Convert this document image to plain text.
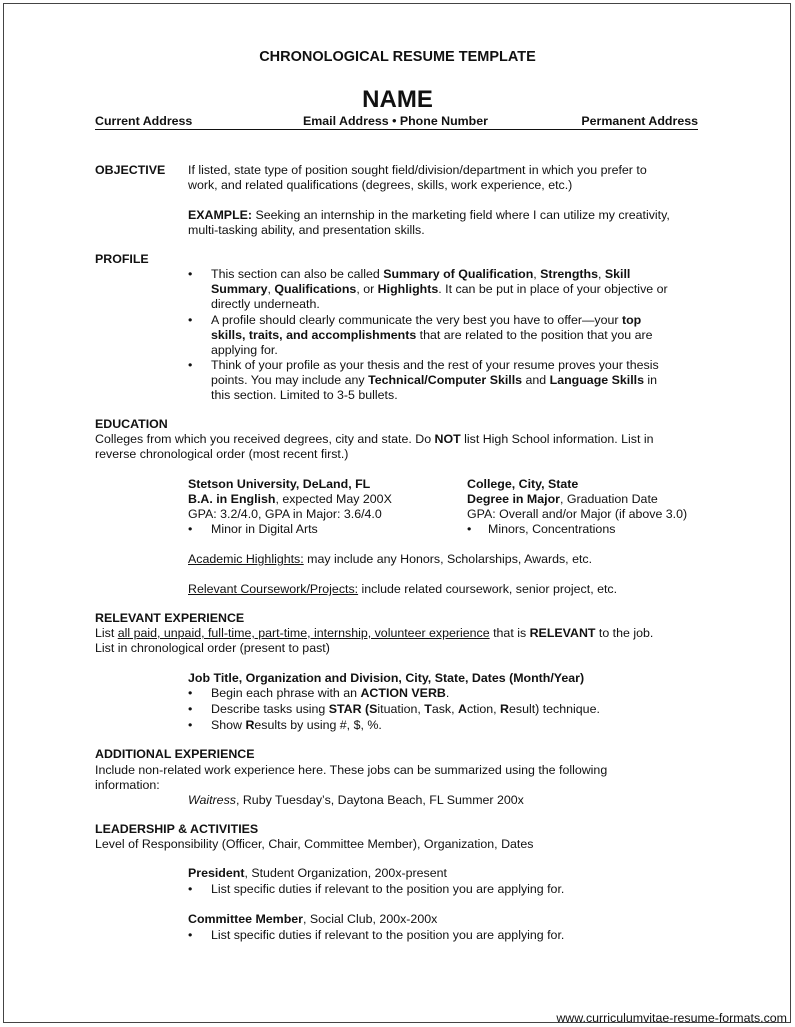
CHRONOLOGICAL RESUME TEMPLATE
NAME
Current Address	Email Address • Phone Number	Permanent Address
OBJECTIVE If listed, state type of position sought field/division/department in which you prefer to
work, and related qualifications (degrees, skills, work experience, etc.)
EXAMPLE: Seeking an internship in the marketing field where I can utilize my creativity,
multi-tasking ability, and presentation skills.
PROFILE
• This section can also be called Summary of Qualification, Strengths, Skill
Summary, Qualifications, or Highlights. It can be put in place of your objective or
directly underneath.
• A profile should clearly communicate the very best you have to offer—your top
skills, traits, and accomplishments that are related to the position that you are
applying for.
• Think of your profile as your thesis and the rest of your resume proves your thesis
points. You may include any Technical/Computer Skills and Language Skills in
this section. Limited to 3-5 bullets.
EDUCATION
Colleges from which you received degrees, city and state. Do NOT list High School information. List in
reverse chronological order (most recent first.)
Stetson University, DeLand, FL
B.A. in English, expected May 200X
GPA: 3.2/4.0, GPA in Major: 3.6/4.0
• Minor in Digital Arts
College, City, State
Degree in Major, Graduation Date
GPA: Overall and/or Major (if above 3.0)
• Minors, Concentrations
Academic Highlights: may include any Honors, Scholarships, Awards, etc.
Relevant Coursework/Projects: include related coursework, senior project, etc.
RELEVANT EXPERIENCE
List all paid, unpaid, full-time, part-time, internship, volunteer experience that is RELEVANT to the job.
List in chronological order (present to past)
Job Title, Organization and Division, City, State, Dates (Month/Year)
• Begin each phrase with an ACTION VERB.
• Describe tasks using STAR (Situation, Task, Action, Result) technique.
• Show Results by using #, $, %.
ADDITIONAL EXPERIENCE
Include non-related work experience here. These jobs can be summarized using the following
information:
Waitress, Ruby Tuesday’s, Daytona Beach, FL Summer 200x
LEADERSHIP & ACTIVITIES
Level of Responsibility (Officer, Chair, Committee Member), Organization, Dates
President, Student Organization, 200x-present
• List specific duties if relevant to the position you are applying for.
Committee Member, Social Club, 200x-200x
• List specific duties if relevant to the position you are applying for.
www.curriculumvitae-resume-formats.com
